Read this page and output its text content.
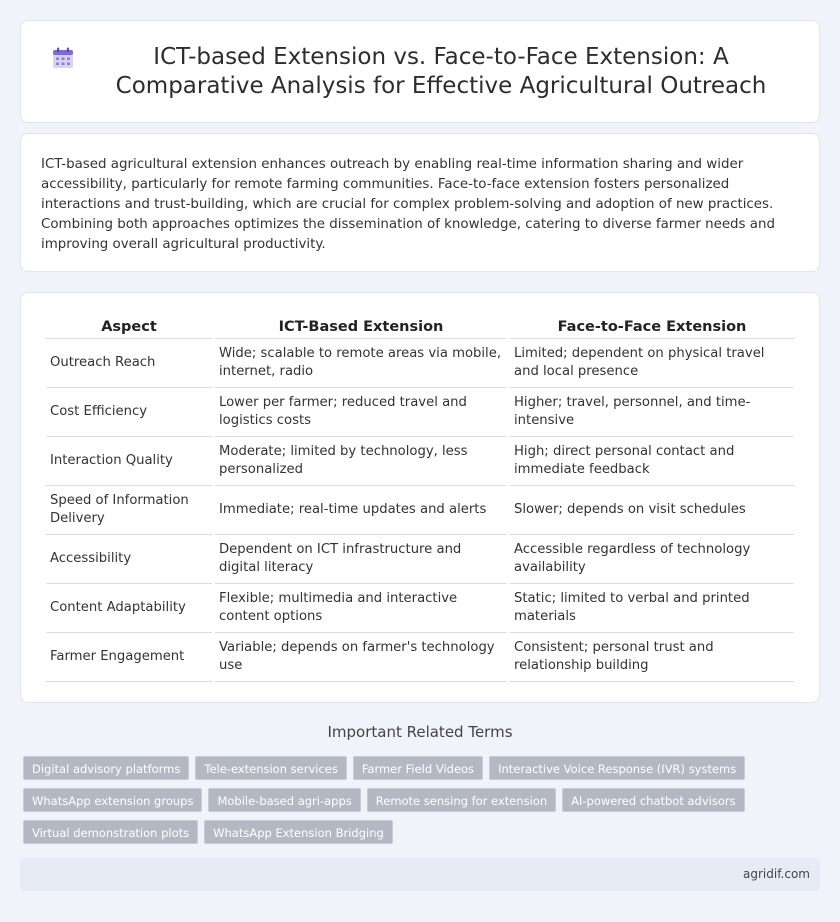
ICT-based Extension vs. Face-to-Face Extension: A Comparative Analysis for Effective Agricultural Outreach

ICT-based agricultural extension enhances outreach by enabling real-time information sharing and wider accessibility, particularly for remote farming communities. Face-to-face extension fosters personalized interactions and trust-building, which are crucial for complex problem-solving and adoption of new practices. Combining both approaches optimizes the dissemination of knowledge, catering to diverse farmer needs and improving overall agricultural productivity.

Aspect	ICT-Based Extension	Face-to-Face Extension
Outreach Reach	Wide; scalable to remote areas via mobile, internet, radio	Limited; dependent on physical travel and local presence
Cost Efficiency	Lower per farmer; reduced travel and logistics costs	Higher; travel, personnel, and time-intensive
Interaction Quality	Moderate; limited by technology, less personalized	High; direct personal contact and immediate feedback
Speed of Information Delivery	Immediate; real-time updates and alerts	Slower; depends on visit schedules
Accessibility	Dependent on ICT infrastructure and digital literacy	Accessible regardless of technology availability
Content Adaptability	Flexible; multimedia and interactive content options	Static; limited to verbal and printed materials
Farmer Engagement	Variable; depends on farmer's technology use	Consistent; personal trust and relationship building
Important Related Terms
Digital advisory platforms	Tele-extension services	Farmer Field Videos	Interactive Voice Response (IVR) systems
WhatsApp extension groups	Mobile-based agri-apps	Remote sensing for extension	AI-powered chatbot advisors
Virtual demonstration plots	WhatsApp Extension Bridging
agridif.com
